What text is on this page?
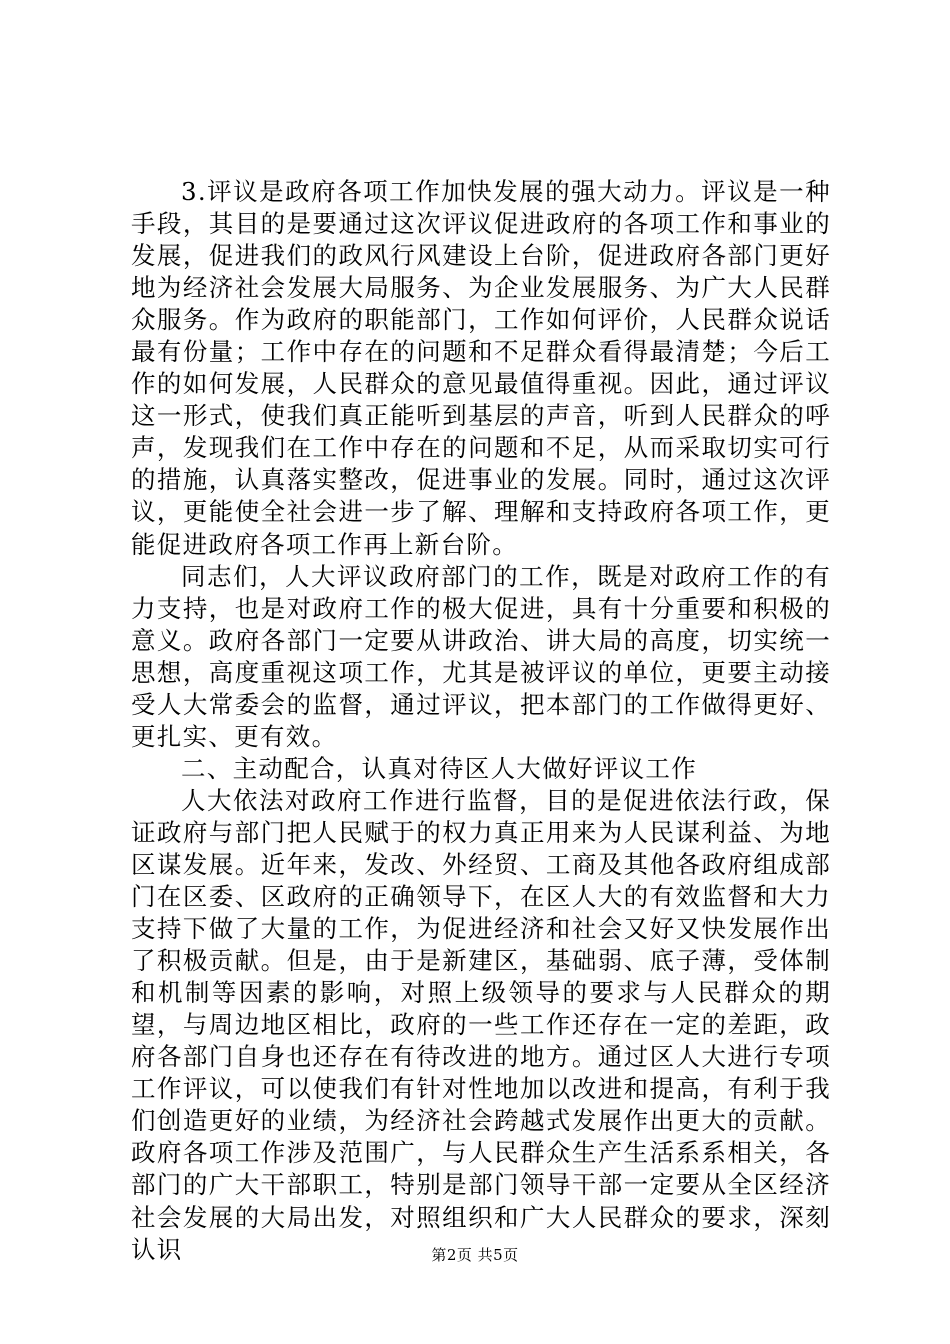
3.评议是政府各项工作加快发展的强大动力。评议是一种手段，其目的是要通过这次评议促进政府的各项工作和事业的发展，促进我们的政风行风建设上台阶，促进政府各部门更好地为经济社会发展大局服务、为企业发展服务、为广大人民群众服务。作为政府的职能部门，工作如何评价，人民群众说话最有份量；工作中存在的问题和不足群众看得最清楚；今后工作的如何发展，人民群众的意见最值得重视。因此，通过评议这一形式，使我们真正能听到基层的声音，听到人民群众的呼声，发现我们在工作中存在的问题和不足，从而采取切实可行的措施，认真落实整改，促进事业的发展。同时，通过这次评议，更能使全社会进一步了解、理解和支持政府各项工作，更能促进政府各项工作再上新台阶。

同志们，人大评议政府部门的工作，既是对政府工作的有力支持，也是对政府工作的极大促进，具有十分重要和积极的意义。政府各部门一定要从讲政治、讲大局的高度，切实统一思想，高度重视这项工作，尤其是被评议的单位，更要主动接受人大常委会的监督，通过评议，把本部门的工作做得更好、更扎实、更有效。

二、主动配合，认真对待区人大做好评议工作

人大依法对政府工作进行监督，目的是促进依法行政，保证政府与部门把人民赋于的权力真正用来为人民谋利益、为地区谋发展。近年来，发改、外经贸、工商及其他各政府组成部门在区委、区政府的正确领导下，在区人大的有效监督和大力支持下做了大量的工作，为促进经济和社会又好又快发展作出了积极贡献。但是，由于是新建区，基础弱、底子薄，受体制和机制等因素的影响，对照上级领导的要求与人民群众的期望，与周边地区相比，政府的一些工作还存在一定的差距，政府各部门自身也还存在有待改进的地方。通过区人大进行专项工作评议，可以使我们有针对性地加以改进和提高，有利于我们创造更好的业绩，为经济社会跨越式发展作出更大的贡献。政府各项工作涉及范围广，与人民群众生产生活系系相关，各部门的广大干部职工，特别是部门领导干部一定要从全区经济社会发展的大局出发，对照组织和广大人民群众的要求，深刻认识	第2页 共5页
